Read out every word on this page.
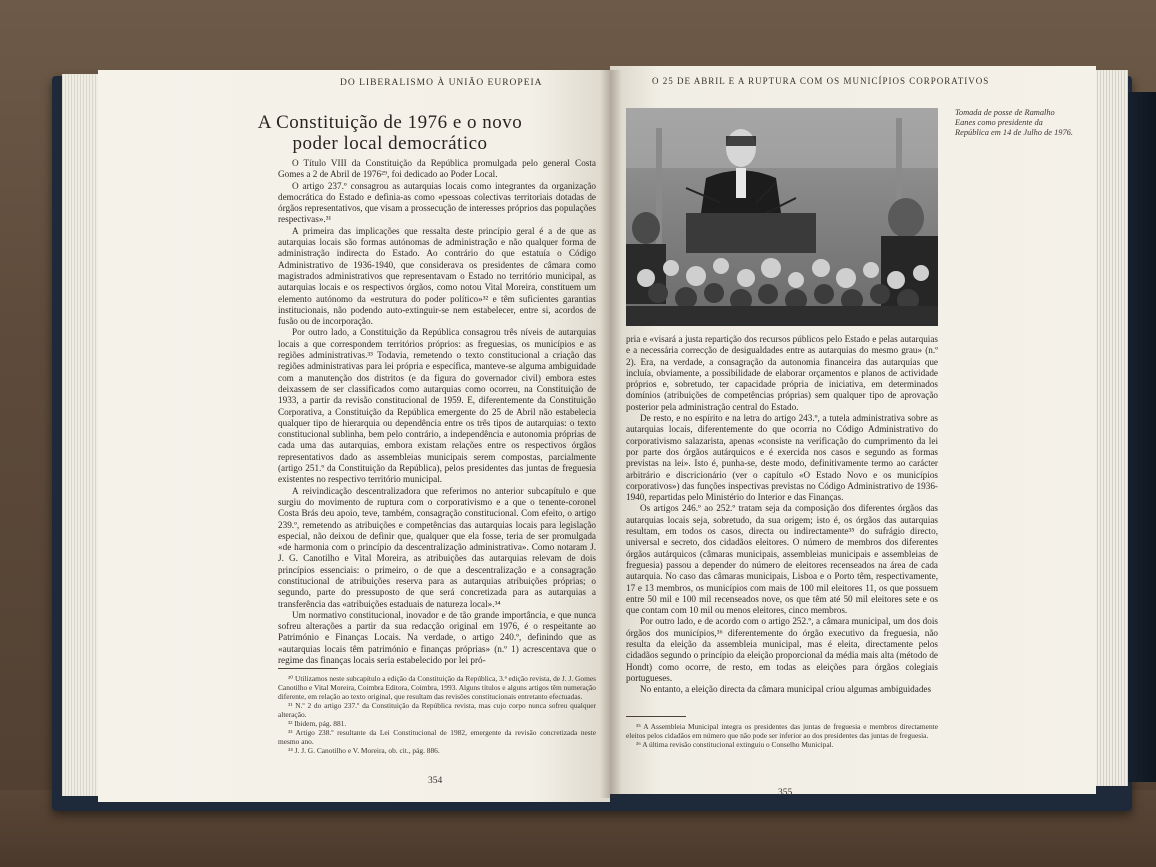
DO LIBERALISMO À UNIÃO EUROPEIA
A Constituição de 1976 e o novo
poder local democrático

O Título VIII da Constituição da República promulgada pelo general Costa Gomes a 2 de Abril de 1976²⁹, foi dedicado ao Poder Local.

O artigo 237.º consagrou as autarquias locais como integrantes da organização democrática do Estado e definia-as como «pessoas colectivas territoriais dotadas de órgãos representativos, que visam a prossecução de interesses próprios das populações respectivas».³¹

A primeira das implicações que ressalta deste princípio geral é a de que as autarquias locais são formas autónomas de administração e não qualquer forma de administração indirecta do Estado. Ao contrário do que estatuía o Código Administrativo de 1936-1940, que considerava os presidentes de câmara como magistrados administrativos que representavam o Estado no território municipal, as autarquias locais e os respectivos órgãos, como notou Vital Moreira, constituem um elemento autónomo da «estrutura do poder político»³² e têm suficientes garantias institucionais, não podendo auto-extinguir-se nem estabelecer, entre si, acordos de fusão ou de incorporação.

Por outro lado, a Constituição da República consagrou três níveis de autarquias locais a que correspondem territórios próprios: as freguesias, os municípios e as regiões administrativas.³³ Todavia, remetendo o texto constitucional a criação das regiões administrativas para lei própria e específica, manteve-se alguma ambiguidade com a manutenção dos distritos (e da figura do governador civil) embora estes deixassem de ser classificados como autarquias como ocorreu, na Constituição de 1933, a partir da revisão constitucional de 1959. E, diferentemente da Constituição Corporativa, a Constituição da República emergente do 25 de Abril não estabelecia qualquer tipo de hierarquia ou dependência entre os três tipos de autarquias: o texto constitucional sublinha, bem pelo contrário, a independência e autonomia próprias de cada uma das autarquias, embora existam relações entre os respectivos órgãos representativos dado as assembleias municipais serem compostas, parcialmente (artigo 251.º da Constituição da República), pelos presidentes das juntas de freguesia existentes no respectivo território municipal.

A reivindicação descentralizadora que referimos no anterior subcapítulo e que surgiu do movimento de ruptura com o corporativismo e a que o tenente-coronel Costa Brás deu apoio, teve, também, consagração constitucional. Com efeito, o artigo 239.º, remetendo as atribuições e competências das autarquias locais para legislação especial, não deixou de definir que, qualquer que ela fosse, teria de ser promulgada «de harmonia com o princípio da descentralização administrativa». Como notaram J. J. G. Canotilho e Vital Moreira, as atribuições das autarquias relevam de dois princípios essenciais: o primeiro, o de que a descentralização e a consagração constitucional de atribuições reserva para as autarquias atribuições próprias; o segundo, parte do pressuposto de que será concretizada para as autarquias a transferência das «atribuições estaduais de natureza local».³⁴

Um normativo constitucional, inovador e de tão grande importância, e que nunca sofreu alterações a partir da sua redacção original em 1976, é o respeitante ao Património e Finanças Locais. Na verdade, o artigo 240.º, definindo que as «autarquias locais têm património e finanças próprias» (n.º 1) acrescentava que o regime das finanças locais seria estabelecido por lei pró-

³⁰ Utilizamos neste subcapítulo a edição da Constituição da República, 3.ª edição revista, de J. J. Gomes Canotilho e Vital Moreira, Coimbra Editora, Coimbra, 1993. Alguns títulos e alguns artigos têm numeração diferente, em relação ao texto original, que resultam das revisões constitucionais entretanto efectuadas.

³¹ N.º 2 do artigo 237.º da Constituição da República revista, mas cujo corpo nunca sofreu qualquer alteração.

³² Ibidem, pág. 881.

³³ Artigo 238.º resultante da Lei Constitucional de 1982, emergente da revisão concretizada neste mesmo ano.

³⁴ J. J. G. Canotilho e V. Moreira, ob. cit., pág. 886.

354
O 25 DE ABRIL E A RUPTURA COM OS MUNICÍPIOS CORPORATIVOS
Tomada de posse de Ramalho Eanes como presidente da República em 14 de Julho de 1976.

pria e «visará a justa repartição dos recursos públicos pelo Estado e pelas autarquias e a necessária correcção de desigualdades entre as autarquias do mesmo grau» (n.º 2). Era, na verdade, a consagração da autonomia financeira das autarquias que incluía, obviamente, a possibilidade de elaborar orçamentos e planos de actividade próprios e, sobretudo, ter capacidade própria de iniciativa, em determinados domínios (atribuições de competências próprias) sem qualquer tipo de aprovação posterior pela administração central do Estado.

De resto, e no espírito e na letra do artigo 243.º, a tutela administrativa sobre as autarquias locais, diferentemente do que ocorria no Código Administrativo do corporativismo salazarista, apenas «consiste na verificação do cumprimento da lei por parte dos órgãos autárquicos e é exercida nos casos e segundo as formas previstas na lei». Isto é, punha-se, deste modo, definitivamente termo ao carácter arbitrário e discricionário (ver o capítulo «O Estado Novo e os municípios corporativos») das funções inspectivas previstas no Código Administrativo de 1936-1940, repartidas pelo Ministério do Interior e das Finanças.

Os artigos 246.º ao 252.º tratam seja da composição dos diferentes órgãos das autarquias locais seja, sobretudo, da sua origem; isto é, os órgãos das autarquias resultam, em todos os casos, directa ou indirectamente³⁵ do sufrágio directo, universal e secreto, dos cidadãos eleitores. O número de membros dos diferentes órgãos autárquicos (câmaras municipais, assembleias municipais e assembleias de freguesia) passou a depender do número de eleitores recenseados na área de cada autarquia. No caso das câmaras municipais, Lisboa e o Porto têm, respectivamente, 17 e 13 membros, os municípios com mais de 100 mil eleitores 11, os que possuem entre 50 mil e 100 mil recenseados nove, os que têm até 50 mil eleitores sete e os que contam com 10 mil ou menos eleitores, cinco membros.

Por outro lado, e de acordo com o artigo 252.º, a câmara municipal, um dos dois órgãos dos municípios,³⁶ diferentemente do órgão executivo da freguesia, não resulta da eleição da assembleia municipal, mas é eleita, directamente pelos cidadãos segundo o princípio da eleição proporcional da média mais alta (método de Hondt) como ocorre, de resto, em todas as eleições para órgãos colegiais portugueses.

No entanto, a eleição directa da câmara municipal criou algumas ambiguidades

³⁵ A Assembleia Municipal integra os presidentes das juntas de freguesia e membros directamente eleitos pelos cidadãos em número que não pode ser inferior ao dos presidentes das juntas de freguesia.

³⁶ A última revisão constitucional extinguiu o Conselho Municipal.

355
